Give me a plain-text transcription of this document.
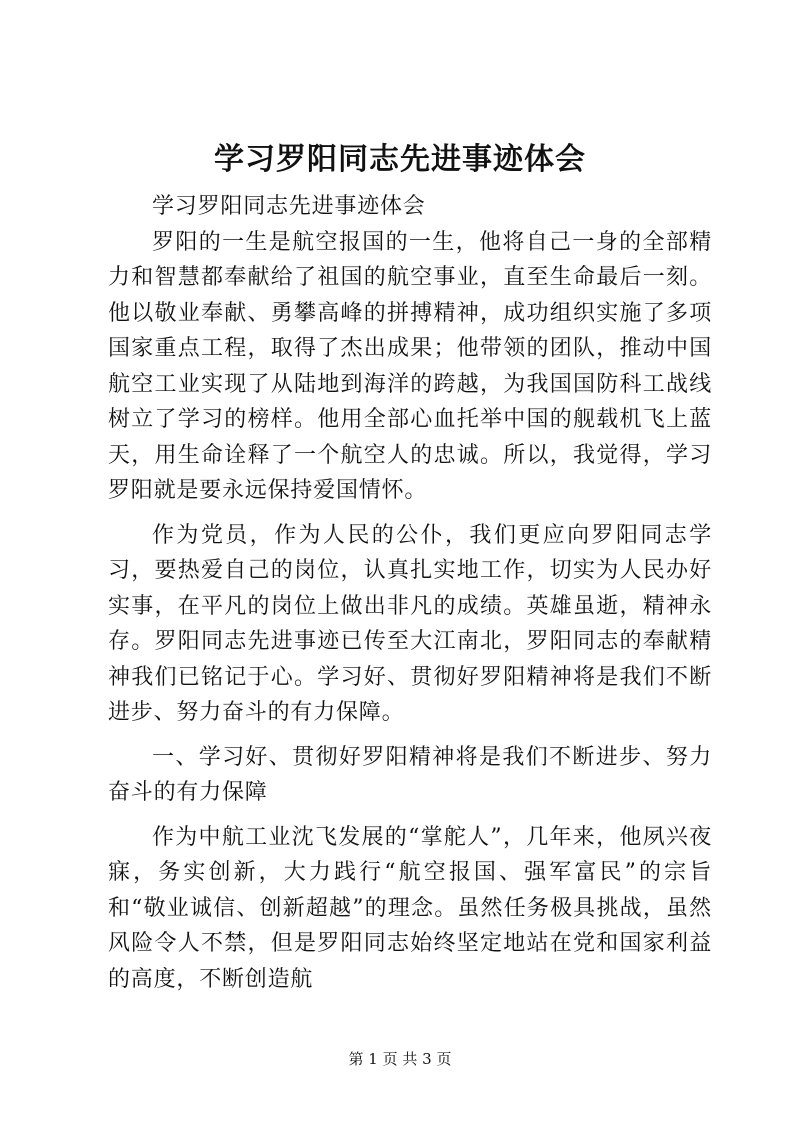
学习罗阳同志先进事迹体会

学习罗阳同志先进事迹体会

罗阳的一生是航空报国的一生，他将自己一身的全部精力和智慧都奉献给了祖国的航空事业，直至生命最后一刻。他以敬业奉献、勇攀高峰的拼搏精神，成功组织实施了多项国家重点工程，取得了杰出成果；他带领的团队，推动中国航空工业实现了从陆地到海洋的跨越，为我国国防科工战线树立了学习的榜样。他用全部心血托举中国的舰载机飞上蓝天，用生命诠释了一个航空人的忠诚。所以，我觉得，学习罗阳就是要永远保持爱国情怀。

作为党员，作为人民的公仆，我们更应向罗阳同志学习，要热爱自己的岗位，认真扎实地工作，切实为人民办好实事，在平凡的岗位上做出非凡的成绩。英雄虽逝，精神永存。罗阳同志先进事迹已传至大江南北，罗阳同志的奉献精神我们已铭记于心。学习好、贯彻好罗阳精神将是我们不断进步、努力奋斗的有力保障。

一、学习好、贯彻好罗阳精神将是我们不断进步、努力奋斗的有力保障

作为中航工业沈飞发展的“掌舵人”，几年来，他夙兴夜寐，务实创新，大力践行“航空报国、强军富民”的宗旨和“敬业诚信、创新超越”的理念。虽然任务极具挑战，虽然风险令人不禁，但是罗阳同志始终坚定地站在党和国家利益的高度，不断创造航

第 1 页 共 3 页
